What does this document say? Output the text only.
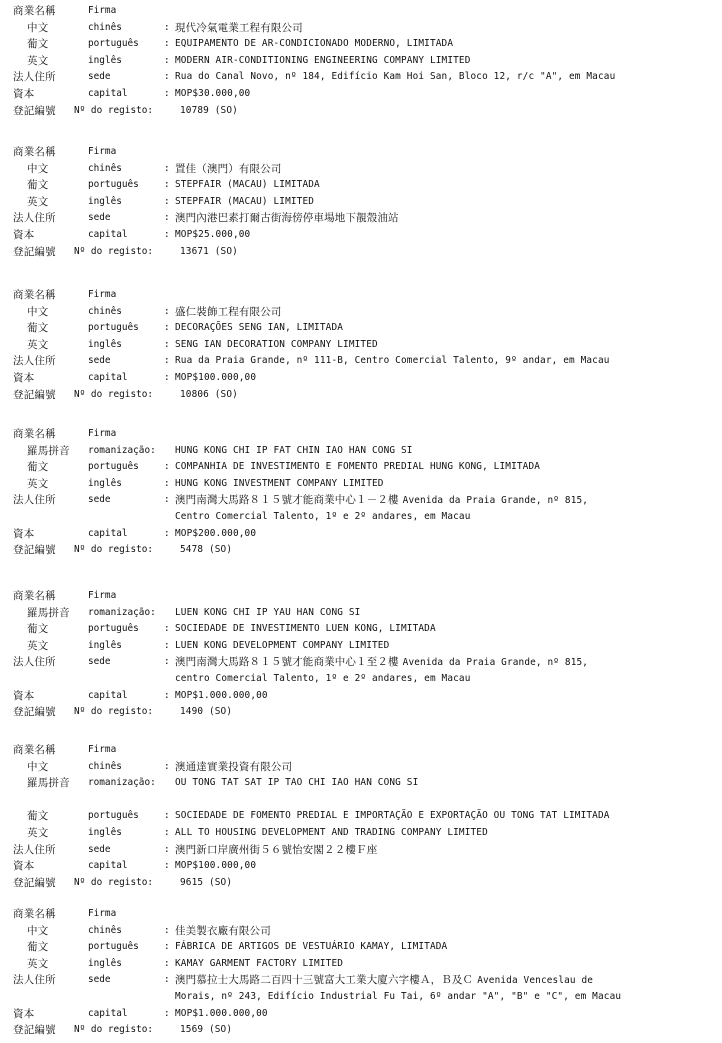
商業名稱	Firma
中文	chinês	: 現代冷氣電業工程有限公司
葡文	português	: EQUIPAMENTO DE AR-CONDICIONADO MODERNO, LIMITADA
英文	inglês	: MODERN AIR-CONDITIONING ENGINEERING COMPANY LIMITED
法人住所	sede	: Rua do Canal Novo, nº 184, Edifício Kam Hoi San, Bloco 12, r/c "A", em Macau
資本	capital	: MOP$30.000,00
登記編號 Nº do registo:	10789 (SO)
商業名稱	Firma
中文	chinês	: 置佳（澳門）有限公司
葡文	português	: STEPFAIR (MACAU) LIMITADA
英文	inglês	: STEPFAIR (MACAU) LIMITED
法人住所	sede	: 澳門內港巴素打爾古街海傍停車場地下靚殼油站
資本	capital	: MOP$25.000,00
登記編號 Nº do registo:	13671 (SO)
商業名稱	Firma
中文	chinês	: 盛仁裝飾工程有限公司
葡文	português	: DECORAÇÕES SENG IAN, LIMITADA
英文	inglês	: SENG IAN DECORATION COMPANY LIMITED
法人住所	sede	: Rua da Praia Grande, nº 111-B, Centro Comercial Talento, 9º andar, em Macau
資本	capital	: MOP$100.000,00
登記編號 Nº do registo:	10806 (SO)
商業名稱	Firma
羅馬拼音 romanização: HUNG KONG CHI IP FAT CHIN IAO HAN CONG SI
葡文	português	: COMPANHIA DE INVESTIMENTO E FOMENTO PREDIAL HUNG KONG, LIMITADA
英文	inglês	: HUNG KONG INVESTMENT COMPANY LIMITED
法人住所	sede	: 澳門南灣大馬路８１５號才能商業中心１－２樓 Avenida da Praia Grande, nº 815,
Centro Comercial Talento, 1º e 2º andares, em Macau
資本	capital	: MOP$200.000,00
登記編號 Nº do registo:	5478 (SO)
商業名稱	Firma
羅馬拼音 romanização: LUEN KONG CHI IP YAU HAN CONG SI
葡文	português	: SOCIEDADE DE INVESTIMENTO LUEN KONG, LIMITADA
英文	inglês	: LUEN KONG DEVELOPMENT COMPANY LIMITED
法人住所	sede	: 澳門南灣大馬路８１５號才能商業中心１至２樓 Avenida da Praia Grande, nº 815,
centro Comercial Talento, 1º e 2º andares, em Macau
資本	capital	: MOP$1.000.000,00
登記編號 Nº do registo:	1490 (SO)
商業名稱	Firma
中文	chinês	: 澳通達實業投資有限公司
羅馬拼音 romanização: OU TONG TAT SAT IP TAO CHI IAO HAN CONG SI
葡文	português	: SOCIEDADE DE FOMENTO PREDIAL E IMPORTAÇÃO E EXPORTAÇÃO OU TONG TAT LIMITADA
英文	inglês	: ALL TO HOUSING DEVELOPMENT AND TRADING COMPANY LIMITED
法人住所	sede	: 澳門新口岸廣州街５６號怡安閣２２樓Ｆ座
資本	capital	: MOP$100.000,00
登記編號 Nº do registo:	9615 (SO)
商業名稱	Firma
中文	chinês	: 佳美製衣廠有限公司
葡文	português	: FÁBRICA DE ARTIGOS DE VESTUÁRIO KAMAY, LIMITADA
英文	inglês	: KAMAY GARMENT FACTORY LIMITED
法人住所	sede	: 澳門慕拉士大馬路二百四十三號富大工業大廈六字樓Ａ，Ｂ及Ｃ Avenida Venceslau de
Morais, nº 243, Edifício Industrial Fu Tai, 6º andar "A", "B" e "C", em Macau
資本	capital	: MOP$1.000.000,00
登記編號 Nº do registo:	1569 (SO)
